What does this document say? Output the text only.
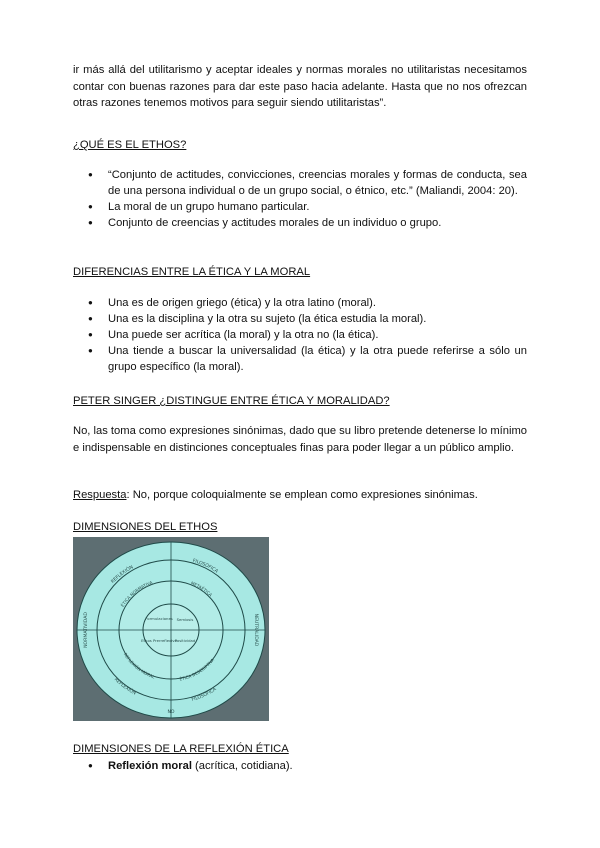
ir más allá del utilitarismo y aceptar ideales y normas morales no utilitaristas necesitamos contar con buenas razones para dar este paso hacia adelante. Hasta que no nos ofrezcan otras razones tenemos motivos para seguir siendo utilitaristas”.

¿QUÉ ES EL ETHOS?
● “Conjunto de actitudes, convicciones, creencias morales y formas de conducta, sea de una persona individual o de un grupo social, o étnico, etc.” (Maliandi, 2004: 20).
● La moral de un grupo humano particular.
● Conjunto de creencias y actitudes morales de un individuo o grupo.
DIFERENCIAS ENTRE LA ÉTICA Y LA MORAL
● Una es de origen griego (ética) y la otra latino (moral).
● Una es la disciplina y la otra su sujeto (la ética estudia la moral).
● Una puede ser acrítica (la moral) y la otra no (la ética).
● Una tiende a buscar la universalidad (la ética) y la otra puede referirse a sólo un grupo específico (la moral).
PETER SINGER ¿DISTINGUE ENTRE ÉTICA Y MORALIDAD?

No, las toma como expresiones sinónimas, dado que su libro pretende detenerse lo mínimo e indispensable en distinciones conceptuales finas para poder llegar a un público amplio.

Respuesta: No, porque coloquialmente se emplean como expresiones sinónimas.

DIMENSIONES DEL ETHOS
REFLEXIÓN
FILOSÓFICA
REFLEXIÓN
FILOSÓFICA
NORMATIVIDAD	NEUTRALIDAD
NO
ÉTICA NORMATIVA	METAÉTICA
REFLEXIÓN MORAL	ÉTICA DESCRIPTIVA
Formulaciones Semiosis
Ethos Prerreflexivo
Positividad
DIMENSIONES DE LA REFLEXIÓN ÉTICA
● Reflexión moral (acrítica, cotidiana).
